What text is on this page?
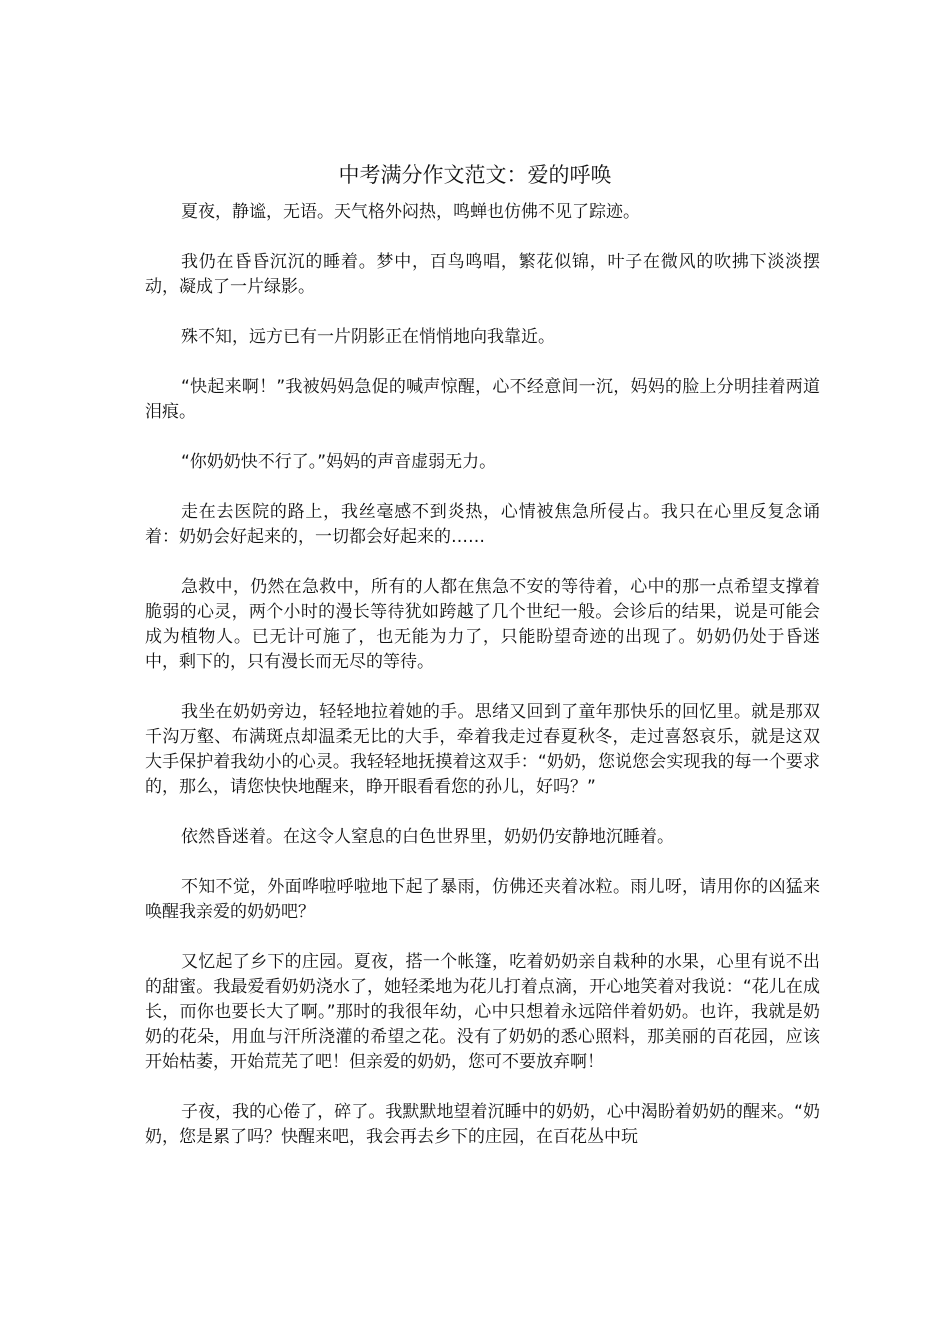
中考满分作文范文：爱的呼唤

夏夜，静谧，无语。天气格外闷热，鸣蝉也仿佛不见了踪迹。

我仍在昏昏沉沉的睡着。梦中，百鸟鸣唱，繁花似锦，叶子在微风的吹拂下淡淡摆动，凝成了一片绿影。

殊不知，远方已有一片阴影正在悄悄地向我靠近。

“快起来啊！”我被妈妈急促的喊声惊醒，心不经意间一沉，妈妈的脸上分明挂着两道泪痕。

“你奶奶快不行了。”妈妈的声音虚弱无力。

走在去医院的路上，我丝毫感不到炎热，心情被焦急所侵占。我只在心里反复念诵着：奶奶会好起来的，一切都会好起来的……

急救中，仍然在急救中，所有的人都在焦急不安的等待着，心中的那一点希望支撑着脆弱的心灵，两个小时的漫长等待犹如跨越了几个世纪一般。会诊后的结果，说是可能会成为植物人。已无计可施了，也无能为力了，只能盼望奇迹的出现了。奶奶仍处于昏迷中，剩下的，只有漫长而无尽的等待。

我坐在奶奶旁边，轻轻地拉着她的手。思绪又回到了童年那快乐的回忆里。就是那双千沟万壑、布满斑点却温柔无比的大手，牵着我走过春夏秋冬，走过喜怒哀乐，就是这双大手保护着我幼小的心灵。我轻轻地抚摸着这双手：“奶奶，您说您会实现我的每一个要求的，那么，请您快快地醒来，睁开眼看看您的孙儿，好吗？”

依然昏迷着。在这令人窒息的白色世界里，奶奶仍安静地沉睡着。

不知不觉，外面哗啦呼啦地下起了暴雨，仿佛还夹着冰粒。雨儿呀，请用你的凶猛来唤醒我亲爱的奶奶吧？

又忆起了乡下的庄园。夏夜，搭一个帐篷，吃着奶奶亲自栽种的水果，心里有说不出的甜蜜。我最爱看奶奶浇水了，她轻柔地为花儿打着点滴，开心地笑着对我说：“花儿在成长，而你也要长大了啊。”那时的我很年幼，心中只想着永远陪伴着奶奶。也许，我就是奶奶的花朵，用血与汗所浇灌的希望之花。没有了奶奶的悉心照料，那美丽的百花园，应该开始枯萎，开始荒芜了吧！但亲爱的奶奶，您可不要放弃啊！

子夜，我的心倦了，碎了。我默默地望着沉睡中的奶奶，心中渴盼着奶奶的醒来。“奶奶，您是累了吗？快醒来吧，我会再去乡下的庄园，在百花丛中玩
